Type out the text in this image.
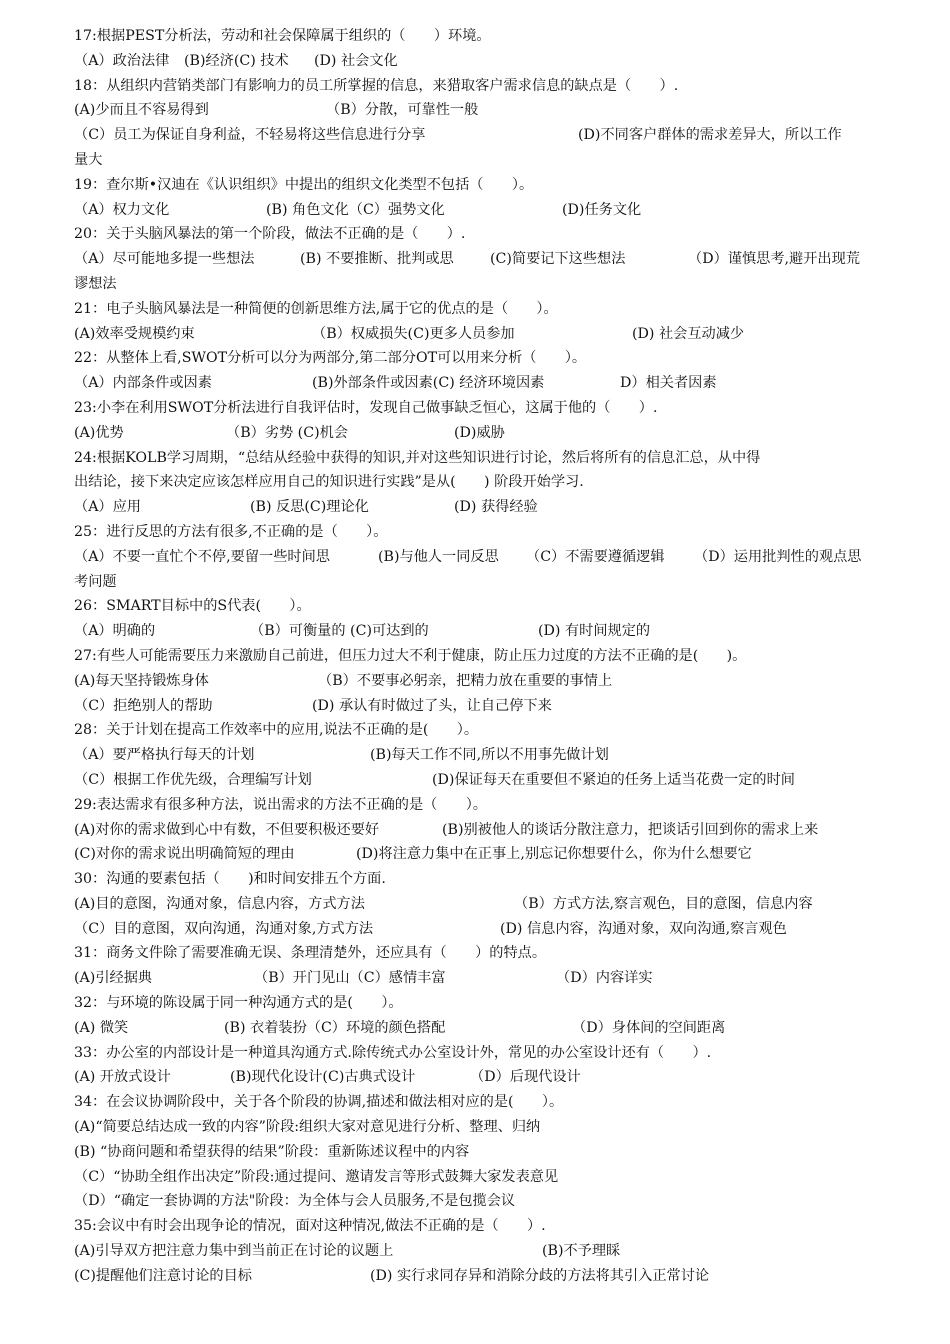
17:根据PEST分析法，劳动和社会保障属于组织的（　　）环境。
（A）政治法律 (B)经济(C) 技术 (D) 社会文化
18：从组织内营销类部门有影响力的员工所掌握的信息，来猎取客户需求信息的缺点是（　　）.
(A)少而且不容易得到	（B）分散，可靠性一般
（C）员工为保证自身利益，不轻易将这些信息进行分享	(D)不同客户群体的需求差异大，所以工作
量大
19：查尔斯•汉迪在《认识组织》中提出的组织文化类型不包括（　　）。
（A）权力文化	(B) 角色文化（C）强势文化	(D)任务文化
20：关于头脑风暴法的第一个阶段，做法不正确的是（　　）.
（A）尽可能地多提一些想法	(B) 不要推断、批判或思	(C)简要记下这些想法	（D）谨慎思考,避开出现荒
谬想法
21：电子头脑风暴法是一种简便的创新思维方法,属于它的优点的是（　　）。
(A)效率受规模约束	（B）权威损失(C)更多人员参加	(D) 社会互动减少
22：从整体上看,SWOT分析可以分为两部分,第二部分OT可以用来分析（　　）。
（A）内部条件或因素	(B)外部条件或因素(C) 经济环境因素	D）相关者因素
23:小李在利用SWOT分析法进行自我评估时，发现自己做事缺乏恒心，这属于他的（　　）.
(A)优势	（B）劣势 (C)机会	(D)威胁
24:根据KOLB学习周期，“总结从经验中获得的知识,并对这些知识进行讨论，然后将所有的信息汇总，从中得
出结论，接下来决定应该怎样应用自己的知识进行实践”是从(　　) 阶段开始学习.
（A）应用	(B) 反思(C)理论化	(D) 获得经验
25：进行反思的方法有很多,不正确的是（　　）。
（A）不要一直忙个不停,要留一些时间思	(B)与他人一同反思 （C）不需要遵循逻辑 （D）运用批判性的观点思
考问题
26：SMART目标中的S代表(　　）。
（A）明确的	（B）可衡量的 (C)可达到的	(D) 有时间规定的
27:有些人可能需要压力来激励自己前进，但压力过大不利于健康，防止压力过度的方法不正确的是(　　)。
(A)每天坚持锻炼身体	（B）不要事必躬亲，把精力放在重要的事情上
（C）拒绝别人的帮助	(D) 承认有时做过了头，让自己停下来
28：关于计划在提高工作效率中的应用,说法不正确的是(　　）。
（A）要严格执行每天的计划	(B)每天工作不同,所以不用事先做计划
（C）根据工作优先级，合理编写计划	(D)保证每天在重要但不紧迫的任务上适当花费一定的时间
29:表达需求有很多种方法，说出需求的方法不正确的是（　　）。
(A)对你的需求做到心中有数，不但要积极还要好	(B)别被他人的谈话分散注意力，把谈话引回到你的需求上来
(C)对你的需求说出明确简短的理由	(D)将注意力集中在正事上,别忘记你想要什么，你为什么想要它
30：沟通的要素包括（　　)和时间安排五个方面.
(A)目的意图，沟通对象，信息内容，方式方法	（B）方式方法,察言观色，目的意图，信息内容
（C）目的意图，双向沟通，沟通对象,方式方法	(D) 信息内容，沟通对象，双向沟通,察言观色
31：商务文件除了需要准确无误、条理清楚外，还应具有（　　）的特点。
(A)引经据典	（B）开门见山（C）感情丰富	（D）内容详实
32：与环境的陈设属于同一种沟通方式的是(　　）。
(A) 微笑	(B) 衣着装扮（C）环境的颜色搭配	（D）身体间的空间距离
33：办公室的内部设计是一种道具沟通方式.除传统式办公室设计外，常见的办公室设计还有（　　）.
(A) 开放式设计	(B)现代化设计(C)古典式设计	（D）后现代设计
34：在会议协调阶段中，关于各个阶段的协调,描述和做法相对应的是(　　）。
(A)“简要总结达成一致的内容”阶段:组织大家对意见进行分析、整理、归纳
(B) “协商问题和希望获得的结果”阶段：重新陈述议程中的内容
（C）“协助全组作出决定”阶段:通过提问、邀请发言等形式鼓舞大家发表意见
（D）“确定一套协调的方法"阶段：为全体与会人员服务,不是包揽会议
35:会议中有时会出现争论的情况，面对这种情况,做法不正确的是（　　）.
(A)引导双方把注意力集中到当前正在讨论的议题上	(B)不予理睬
(C)提醒他们注意讨论的目标	(D) 实行求同存异和消除分歧的方法将其引入正常讨论
